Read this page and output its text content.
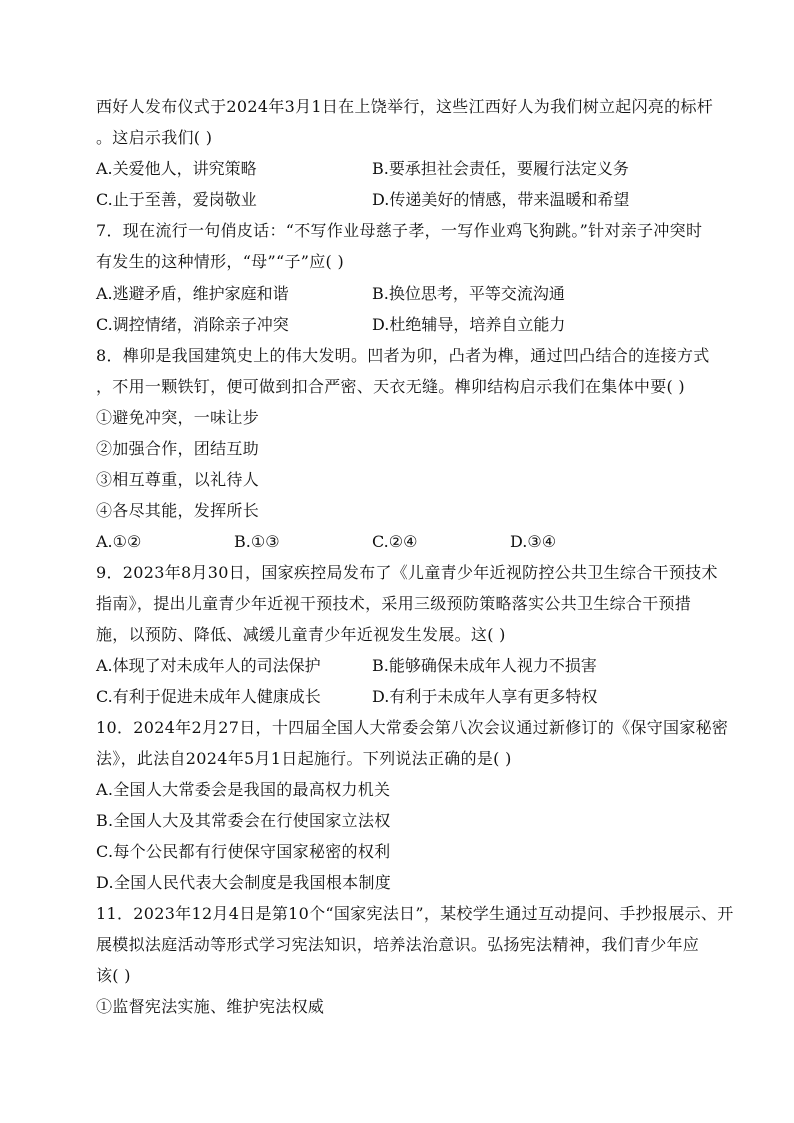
西好人发布仪式于2024年3月1日在上饶举行，这些江西好人为我们树立起闪亮的标杆
。这启示我们( )
A.关爱他人，讲究策略	B.要承担社会责任，要履行法定义务
C.止于至善，爱岗敬业	D.传递美好的情感，带来温暖和希望
7．现在流行一句俏皮话：“不写作业母慈子孝，一写作业鸡飞狗跳。”针对亲子冲突时
有发生的这种情形，“母”“子”应( )
A.逃避矛盾，维护家庭和谐	B.换位思考，平等交流沟通
C.调控情绪，消除亲子冲突	D.杜绝辅导，培养自立能力
8．榫卯是我国建筑史上的伟大发明。凹者为卯，凸者为榫，通过凹凸结合的连接方式
，不用一颗铁钉，便可做到扣合严密、天衣无缝。榫卯结构启示我们在集体中要( )
①避免冲突，一味让步
②加强合作，团结互助
③相互尊重，以礼待人
④各尽其能，发挥所长
A.①②	B.①③	C.②④	D.③④
9．2023年8月30日，国家疾控局发布了《儿童青少年近视防控公共卫生综合干预技术
指南》，提出儿童青少年近视干预技术，采用三级预防策略落实公共卫生综合干预措
施，以预防、降低、减缓儿童青少年近视发生发展。这( )
A.体现了对未成年人的司法保护	B.能够确保未成年人视力不损害
C.有利于促进未成年人健康成长	D.有利于未成年人享有更多特权
10．2024年2月27日，十四届全国人大常委会第八次会议通过新修订的《保守国家秘密
法》，此法自2024年5月1日起施行。下列说法正确的是( )
A.全国人大常委会是我国的最高权力机关
B.全国人大及其常委会在行使国家立法权
C.每个公民都有行使保守国家秘密的权利
D.全国人民代表大会制度是我国根本制度
11．2023年12月4日是第10个“国家宪法日”，某校学生通过互动提问、手抄报展示、开
展模拟法庭活动等形式学习宪法知识，培养法治意识。弘扬宪法精神，我们青少年应
该( )
①监督宪法实施、维护宪法权威
